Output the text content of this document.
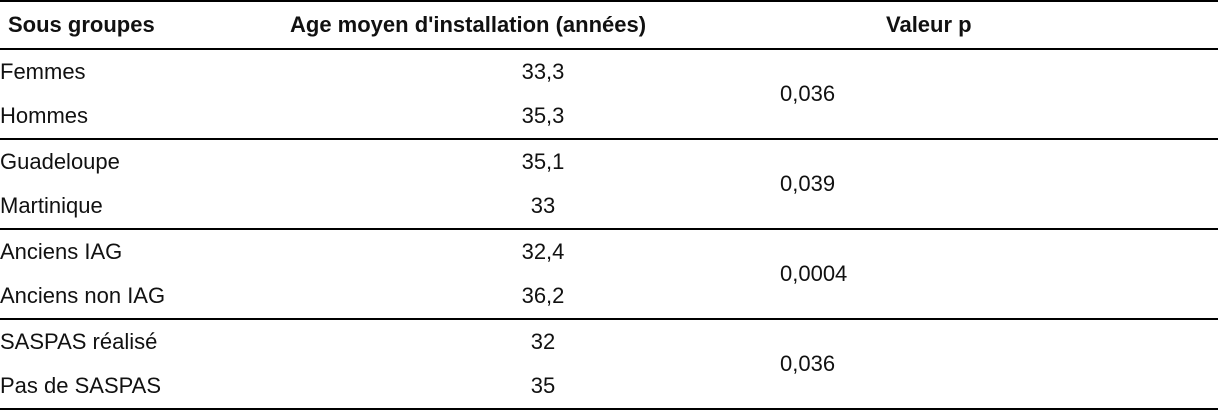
Sous groupes	Age moyen d'installation (années)	Valeur p
Femmes	33,3	0,036
Hommes	35,3	
Guadeloupe	35,1	0,039
Martinique	33	
Anciens IAG	32,4	0,0004
Anciens non IAG	36,2	
SASPAS réalisé	32	0,036
Pas de SASPAS	35	
